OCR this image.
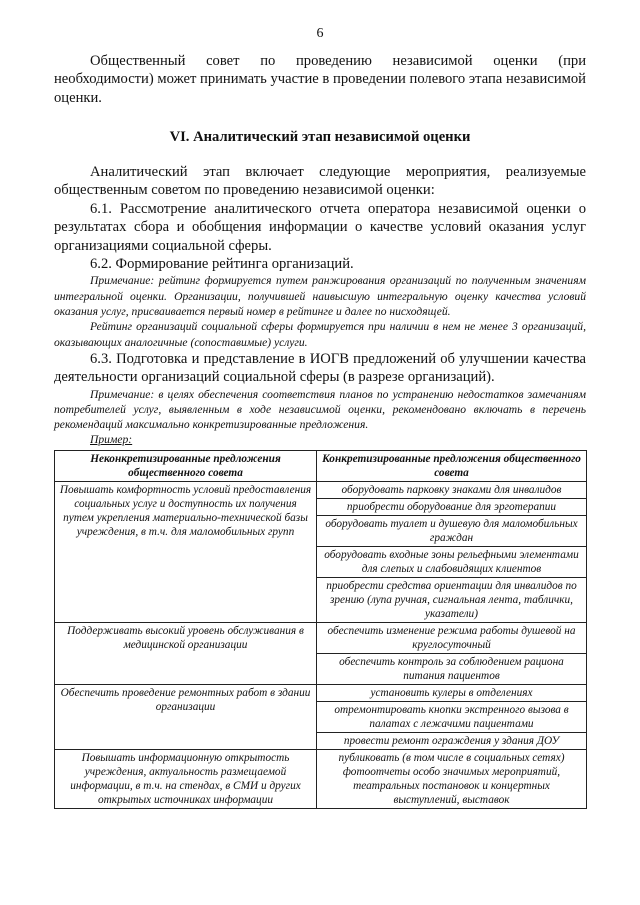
6

Общественный совет по проведению независимой оценки (при необходимости) может принимать участие в проведении полевого этапа независимой оценки.

VI. Аналитический этап независимой оценки

Аналитический этап включает следующие мероприятия, реализуемые общественным советом по проведению независимой оценки:

6.1. Рассмотрение аналитического отчета оператора независимой оценки о результатах сбора и обобщения информации о качестве условий оказания услуг организациями социальной сферы.

6.2. Формирование рейтинга организаций.

Примечание: рейтинг формируется путем ранжирования организаций по полученным значениям интегральной оценки. Организации, получившей наивысшую интегральную оценку качества условий оказания услуг, присваивается первый номер в рейтинге и далее по нисходящей.

Рейтинг организаций социальной сферы формируется при наличии в нем не менее 3 организаций, оказывающих аналогичные (сопоставимые) услуги.

6.3. Подготовка и представление в ИОГВ предложений об улучшении качества деятельности организаций социальной сферы (в разрезе организаций).

Примечание: в целях обеспечения соответствия планов по устранению недостатков замечаниям потребителей услуг, выявленным в ходе независимой оценки, рекомендовано включать в перечень рекомендаций максимально конкретизированные предложения.

Пример:

Неконкретизированные предложения общественного совета	Конкретизированные предложения общественного совета
Повышать комфортность условий предоставления социальных услуг и доступность их получения путем укрепления материально-технической базы учреждения, в т.ч. для маломобильных групп	оборудовать парковку знаками для инвалидов
	приобрести оборудование для эрготерапии
	оборудовать туалет и душевую для маломобильных граждан
	оборудовать входные зоны рельефными элементами для слепых и слабовидящих клиентов
	приобрести средства ориентации для инвалидов по зрению (лупа ручная, сигнальная лента, таблички, указатели)
Поддерживать высокий уровень обслуживания в медицинской организации	обеспечить изменение режима работы душевой на круглосуточный
	обеспечить контроль за соблюдением рациона питания пациентов
Обеспечить проведение ремонтных работ в здании организации	установить кулеры в отделениях
	отремонтировать кнопки экстренного вызова в палатах с лежачими пациентами
	провести ремонт ограждения у здания ДОУ
Повышать информационную открытость учреждения, актуальность размещаемой информации, в т.ч. на стендах, в СМИ и других открытых источниках информации	публиковать (в том числе в социальных сетях) фотоотчеты особо значимых мероприятий, театральных постановок и концертных выступлений, выставок
